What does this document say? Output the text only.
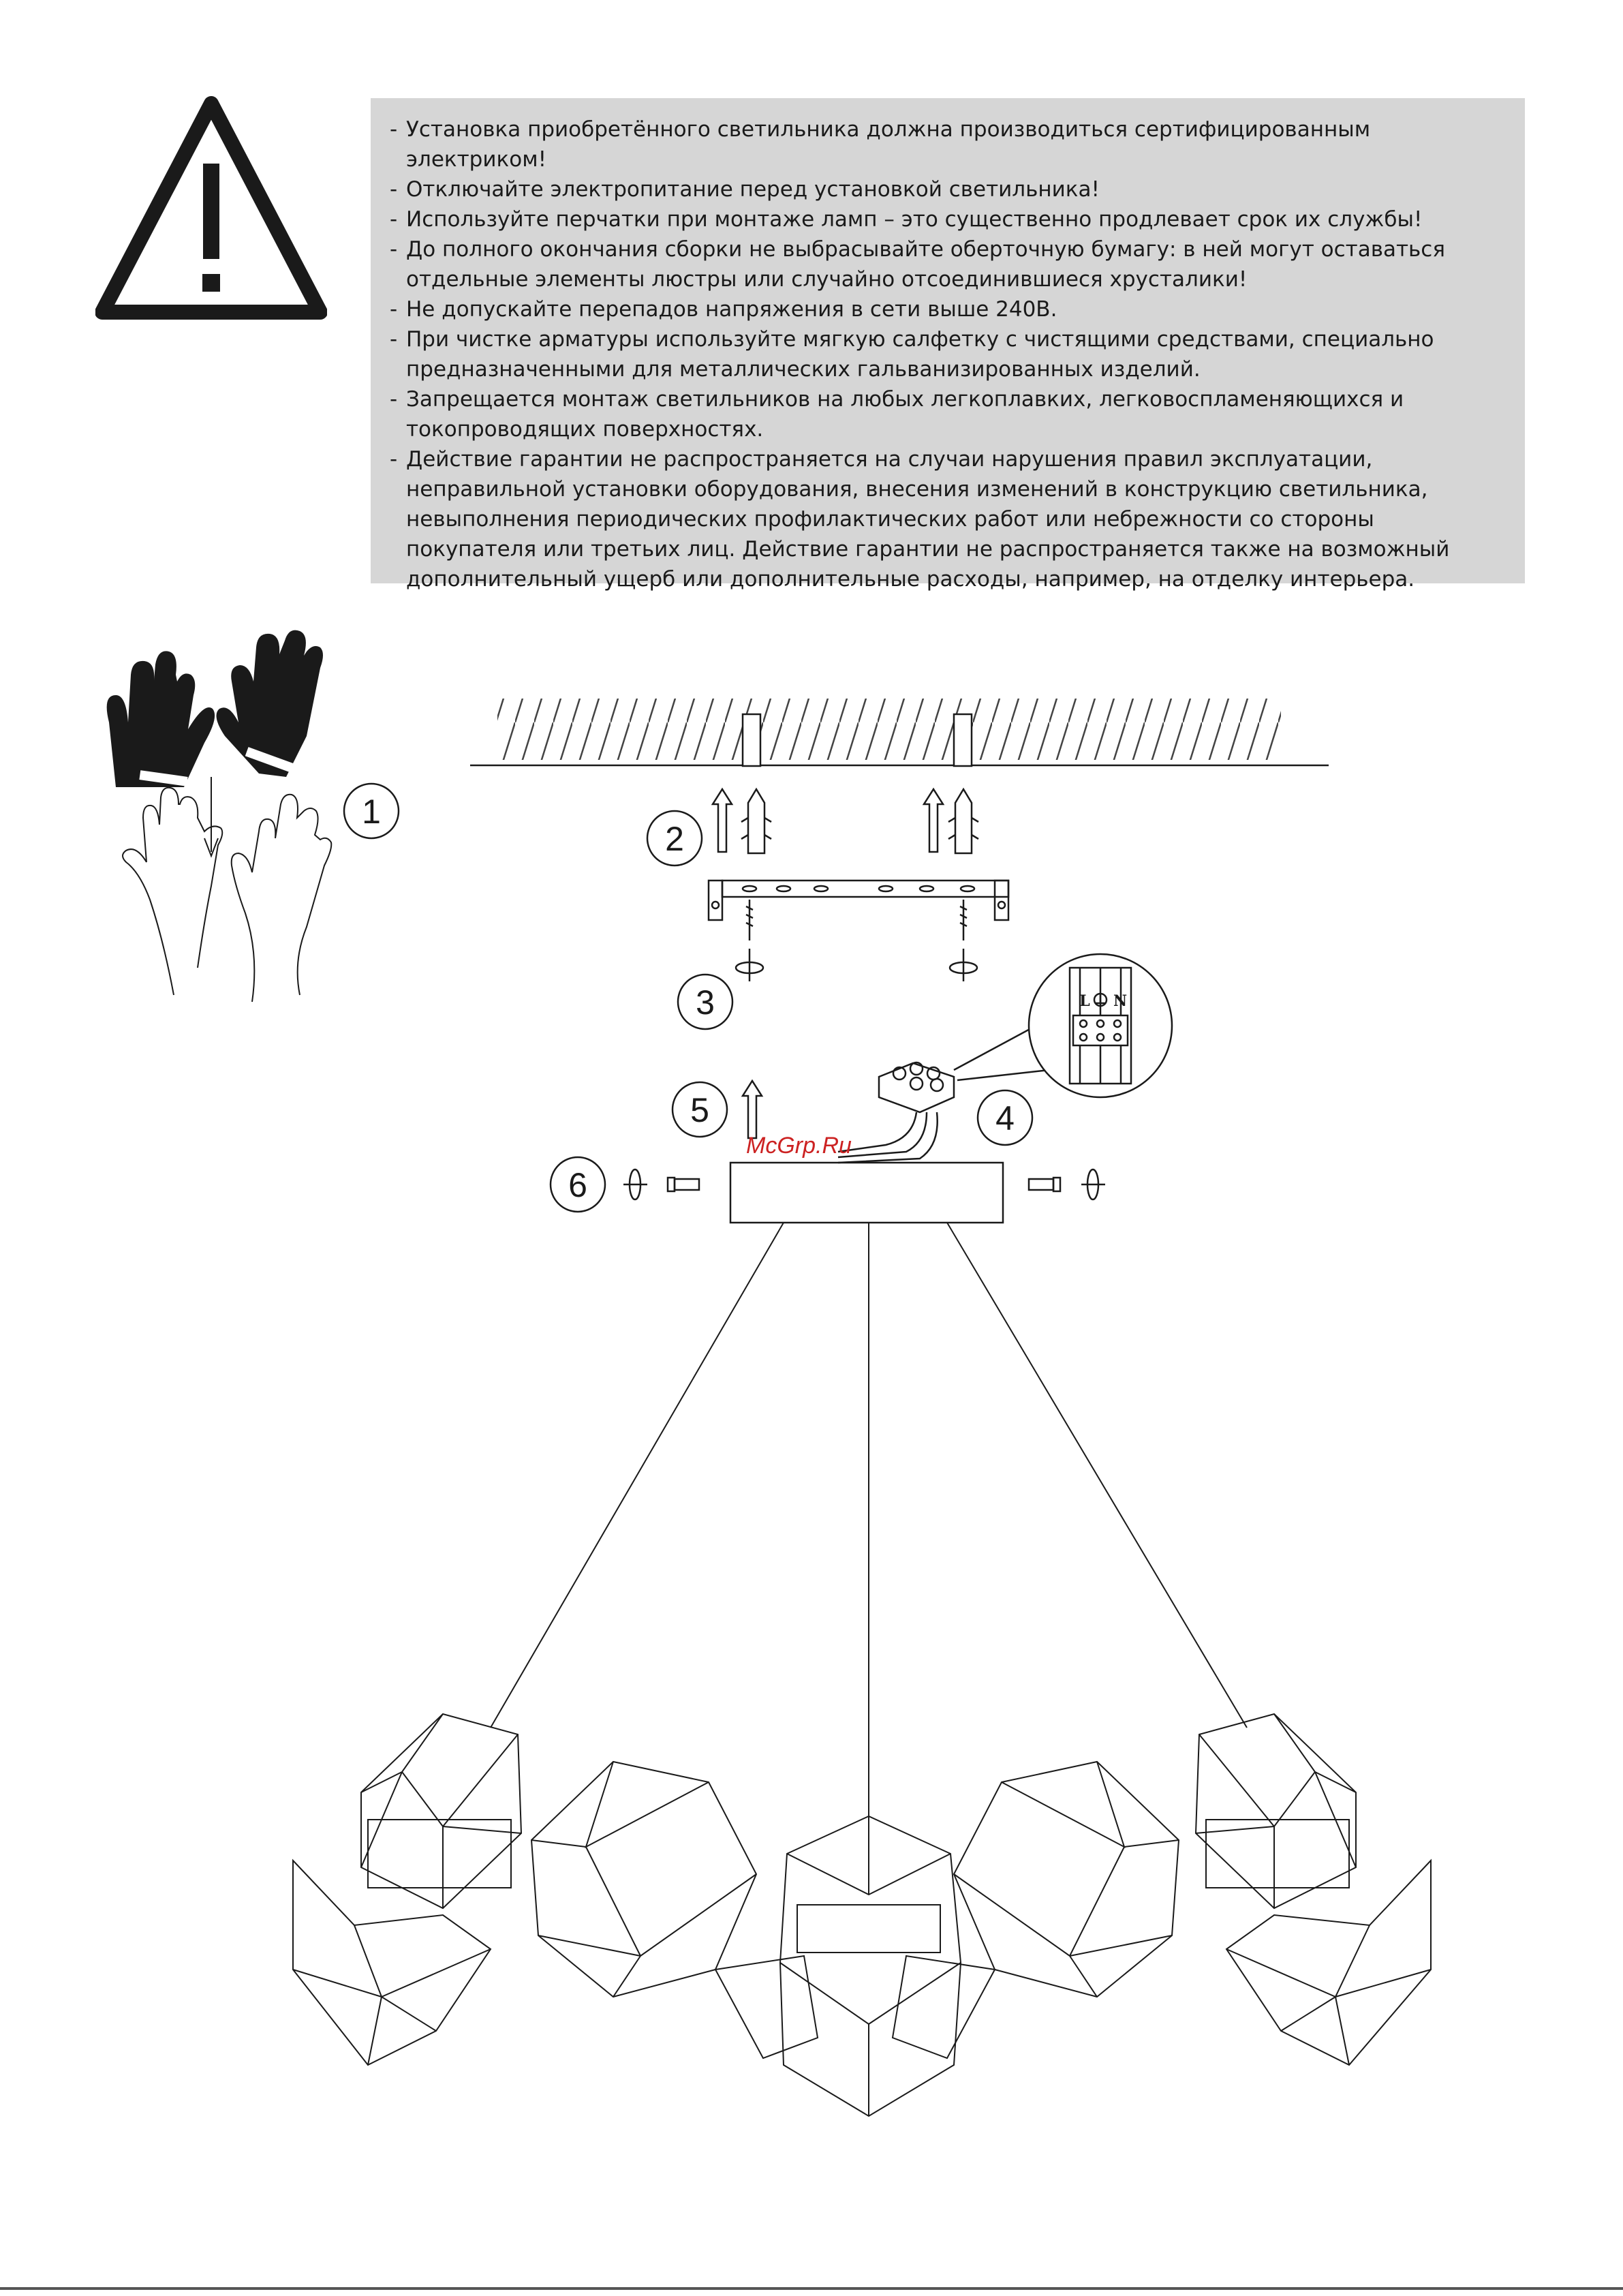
- Установка приобретённого светильника должна производиться сертифицированным электриком!
- Отключайте электропитание перед установкой светильника!
- Используйте перчатки при монтаже ламп – это существенно продлевает срок их службы!
- До полного окончания сборки не выбрасывайте оберточную бумагу: в ней могут оставаться отдельные элементы люстры или случайно отсоединившиеся хрусталики!
- Не допускайте перепадов напряжения в сети выше 240В.
- При чистке арматуры используйте мягкую салфетку с чистящими средствами, специально предназначенными для металлических гальванизированных изделий.
- Запрещается монтаж светильников на любых легкоплавких, легковоспламеняющихся и токопроводящих поверхностях.
- Действие гарантии не распространяется на случаи нарушения правил эксплуатации, неправильной установки оборудования, внесения изменений в конструкцию светильника, невыполнения периодических профилактических работ или небрежности со стороны покупателя или третьих лиц. Действие гарантии не распространяется также на возможный дополнительный ущерб или дополнительные расходы, например, на отделку интерьера.
1
2
3	L N
4
5
McGrp.Ru
6
